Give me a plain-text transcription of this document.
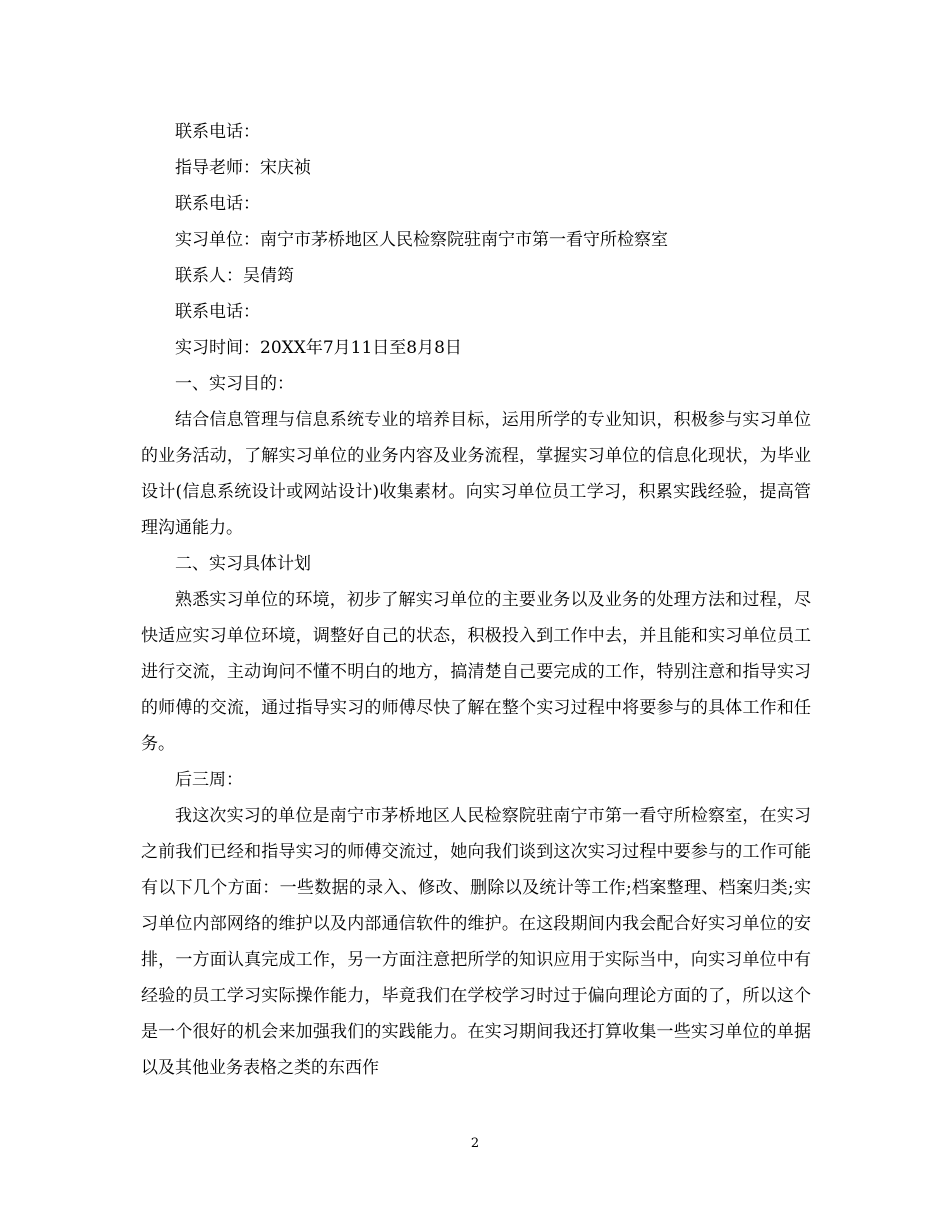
联系电话：
指导老师：宋庆祯
联系电话：
实习单位：南宁市茅桥地区人民检察院驻南宁市第一看守所检察室
联系人：吴倩筠
联系电话：
实习时间：20XX年7月11日至8月8日
一、实习目的：

结合信息管理与信息系统专业的培养目标，运用所学的专业知识，积极参与实习单位的业务活动，了解实习单位的业务内容及业务流程，掌握实习单位的信息化现状，为毕业设计(信息系统设计或网站设计)收集素材。向实习单位员工学习，积累实践经验，提高管理沟通能力。

二、实习具体计划

熟悉实习单位的环境，初步了解实习单位的主要业务以及业务的处理方法和过程，尽快适应实习单位环境，调整好自己的状态，积极投入到工作中去，并且能和实习单位员工进行交流，主动询问不懂不明白的地方，搞清楚自己要完成的工作，特别注意和指导实习的师傅的交流，通过指导实习的师傅尽快了解在整个实习过程中将要参与的具体工作和任务。

后三周：

我这次实习的单位是南宁市茅桥地区人民检察院驻南宁市第一看守所检察室，在实习之前我们已经和指导实习的师傅交流过，她向我们谈到这次实习过程中要参与的工作可能有以下几个方面：一些数据的录入、修改、删除以及统计等工作;档案整理、档案归类;实习单位内部网络的维护以及内部通信软件的维护。在这段期间内我会配合好实习单位的安排，一方面认真完成工作，另一方面注意把所学的知识应用于实际当中，向实习单位中有经验的员工学习实际操作能力，毕竟我们在学校学习时过于偏向理论方面的了，所以这个是一个很好的机会来加强我们的实践能力。在实习期间我还打算收集一些实习单位的单据以及其他业务表格之类的东西作

2
